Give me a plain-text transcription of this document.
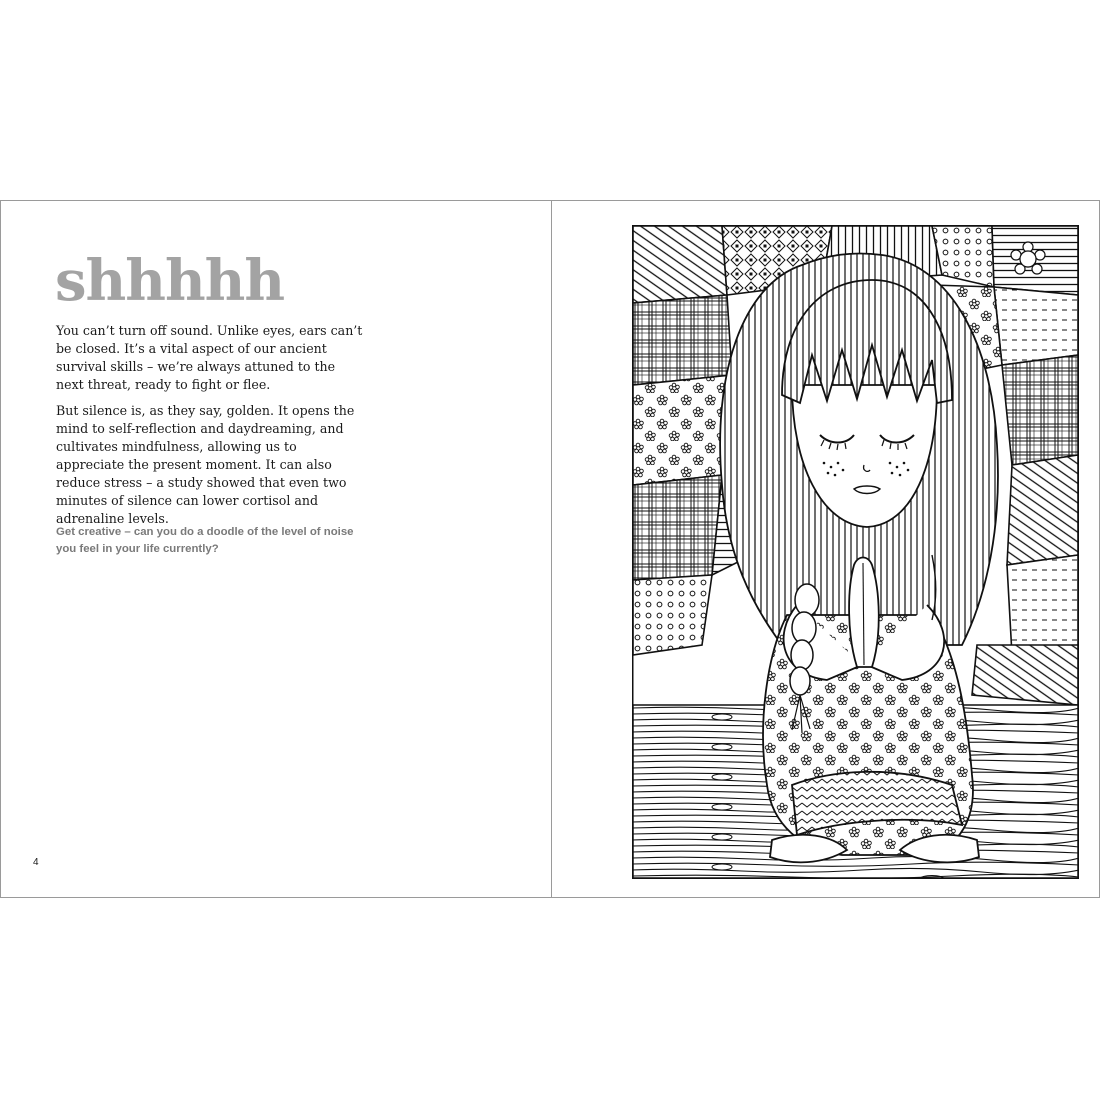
shhhhh

You can’t turn off sound. Unlike eyes, ears can’t be closed. It’s a vital aspect of our ancient survival skills – we’re always attuned to the next threat, ready to fight or flee.

But silence is, as they say, golden. It opens the mind to self-reflection and daydreaming, and cultivates mindfulness, allowing us to appreciate the present moment. It can also reduce stress – a study showed that even two minutes of silence can lower cortisol and adrenaline levels.

Get creative – can you do a doodle of the level of noise you feel in your life currently?

4
